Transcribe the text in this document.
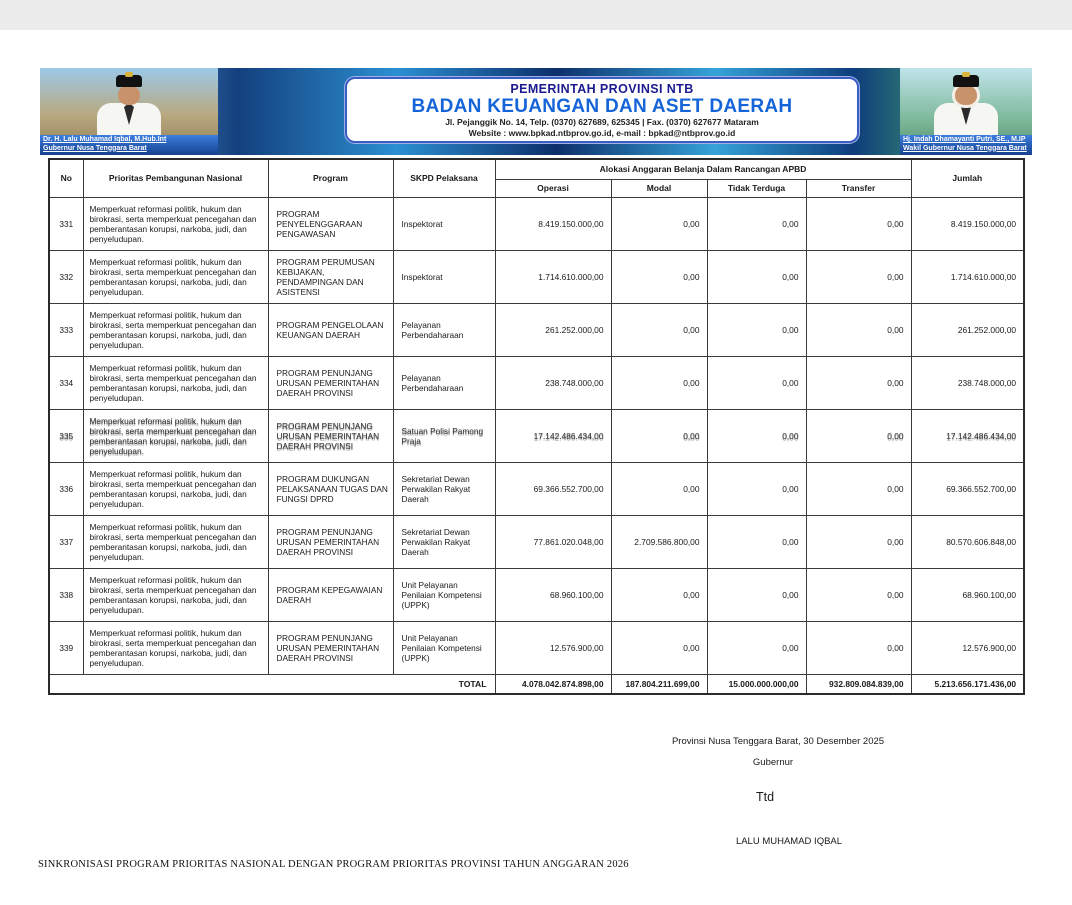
Dr. H. Lalu Muhamad Iqbal, M.Hub.Int
Gubernur Nusa Tenggara Barat
Hj. Indah Dhamayanti Putri, SE., M.IP
Wakil Gubernur Nusa Tenggara Barat
PEMERINTAH PROVINSI NTB
BADAN KEUANGAN DAN ASET DAERAH
Jl. Pejanggik No. 14, Telp. (0370) 627689, 625345 | Fax. (0370) 627677 Mataram
Website : www.bpkad.ntbprov.go.id, e-mail : bpkad@ntbprov.go.id
No	Prioritas Pembangunan Nasional	Program	SKPD Pelaksana	Alokasi Anggaran Belanja Dalam Rancangan APBD				Jumlah
				Operasi	Modal	Tidak Terduga	Transfer	
331	Memperkuat reformasi politik, hukum dan birokrasi, serta memperkuat pencegahan dan pemberantasan korupsi, narkoba, judi, dan penyeludupan.	PROGRAM PENYELENGGARAAN PENGAWASAN	Inspektorat	8.419.150.000,00	0,00	0,00	0,00	8.419.150.000,00
332	Memperkuat reformasi politik, hukum dan birokrasi, serta memperkuat pencegahan dan pemberantasan korupsi, narkoba, judi, dan penyeludupan.	PROGRAM PERUMUSAN KEBIJAKAN, PENDAMPINGAN DAN ASISTENSI	Inspektorat	1.714.610.000,00	0,00	0,00	0,00	1.714.610.000,00
333	Memperkuat reformasi politik, hukum dan birokrasi, serta memperkuat pencegahan dan pemberantasan korupsi, narkoba, judi, dan penyeludupan.	PROGRAM PENGELOLAAN KEUANGAN DAERAH	Pelayanan Perbendaharaan	261.252.000,00	0,00	0,00	0,00	261.252.000,00
334	Memperkuat reformasi politik, hukum dan birokrasi, serta memperkuat pencegahan dan pemberantasan korupsi, narkoba, judi, dan penyeludupan.	PROGRAM PENUNJANG URUSAN PEMERINTAHAN DAERAH PROVINSI	Pelayanan Perbendaharaan	238.748.000,00	0,00	0,00	0,00	238.748.000,00
335	Memperkuat reformasi politik, hukum dan birokrasi, serta memperkuat pencegahan dan pemberantasan korupsi, narkoba, judi, dan penyeludupan.	PROGRAM PENUNJANG URUSAN PEMERINTAHAN DAERAH PROVINSI	Satuan Polisi Pamong Praja	17.142.486.434,00	0,00	0,00	0,00	17.142.486.434,00
336	Memperkuat reformasi politik, hukum dan birokrasi, serta memperkuat pencegahan dan pemberantasan korupsi, narkoba, judi, dan penyeludupan.	PROGRAM DUKUNGAN PELAKSANAAN TUGAS DAN FUNGSI DPRD	Sekretariat Dewan Perwakilan Rakyat Daerah	69.366.552.700,00	0,00	0,00	0,00	69.366.552.700,00
337	Memperkuat reformasi politik, hukum dan birokrasi, serta memperkuat pencegahan dan pemberantasan korupsi, narkoba, judi, dan penyeludupan.	PROGRAM PENUNJANG URUSAN PEMERINTAHAN DAERAH PROVINSI	Sekretariat Dewan Perwakilan Rakyat Daerah	77.861.020.048,00	2.709.586.800,00	0,00	0,00	80.570.606.848,00
338	Memperkuat reformasi politik, hukum dan birokrasi, serta memperkuat pencegahan dan pemberantasan korupsi, narkoba, judi, dan penyeludupan.	PROGRAM KEPEGAWAIAN DAERAH	Unit Pelayanan Penilaian Kompetensi (UPPK)	68.960.100,00	0,00	0,00	0,00	68.960.100,00
339	Memperkuat reformasi politik, hukum dan birokrasi, serta memperkuat pencegahan dan pemberantasan korupsi, narkoba, judi, dan penyeludupan.	PROGRAM PENUNJANG URUSAN PEMERINTAHAN DAERAH PROVINSI	Unit Pelayanan Penilaian Kompetensi (UPPK)	12.576.900,00	0,00	0,00	0,00	12.576.900,00
TOTAL				4.078.042.874.898,00	187.804.211.699,00	15.000.000.000,00	932.809.084.839,00	5.213.656.171.436,00
Provinsi Nusa Tenggara Barat, 30 Desember 2025
Gubernur
Ttd
LALU MUHAMAD IQBAL
SINKRONISASI PROGRAM PRIORITAS NASIONAL DENGAN PROGRAM PRIORITAS PROVINSI TAHUN ANGGARAN 2026
